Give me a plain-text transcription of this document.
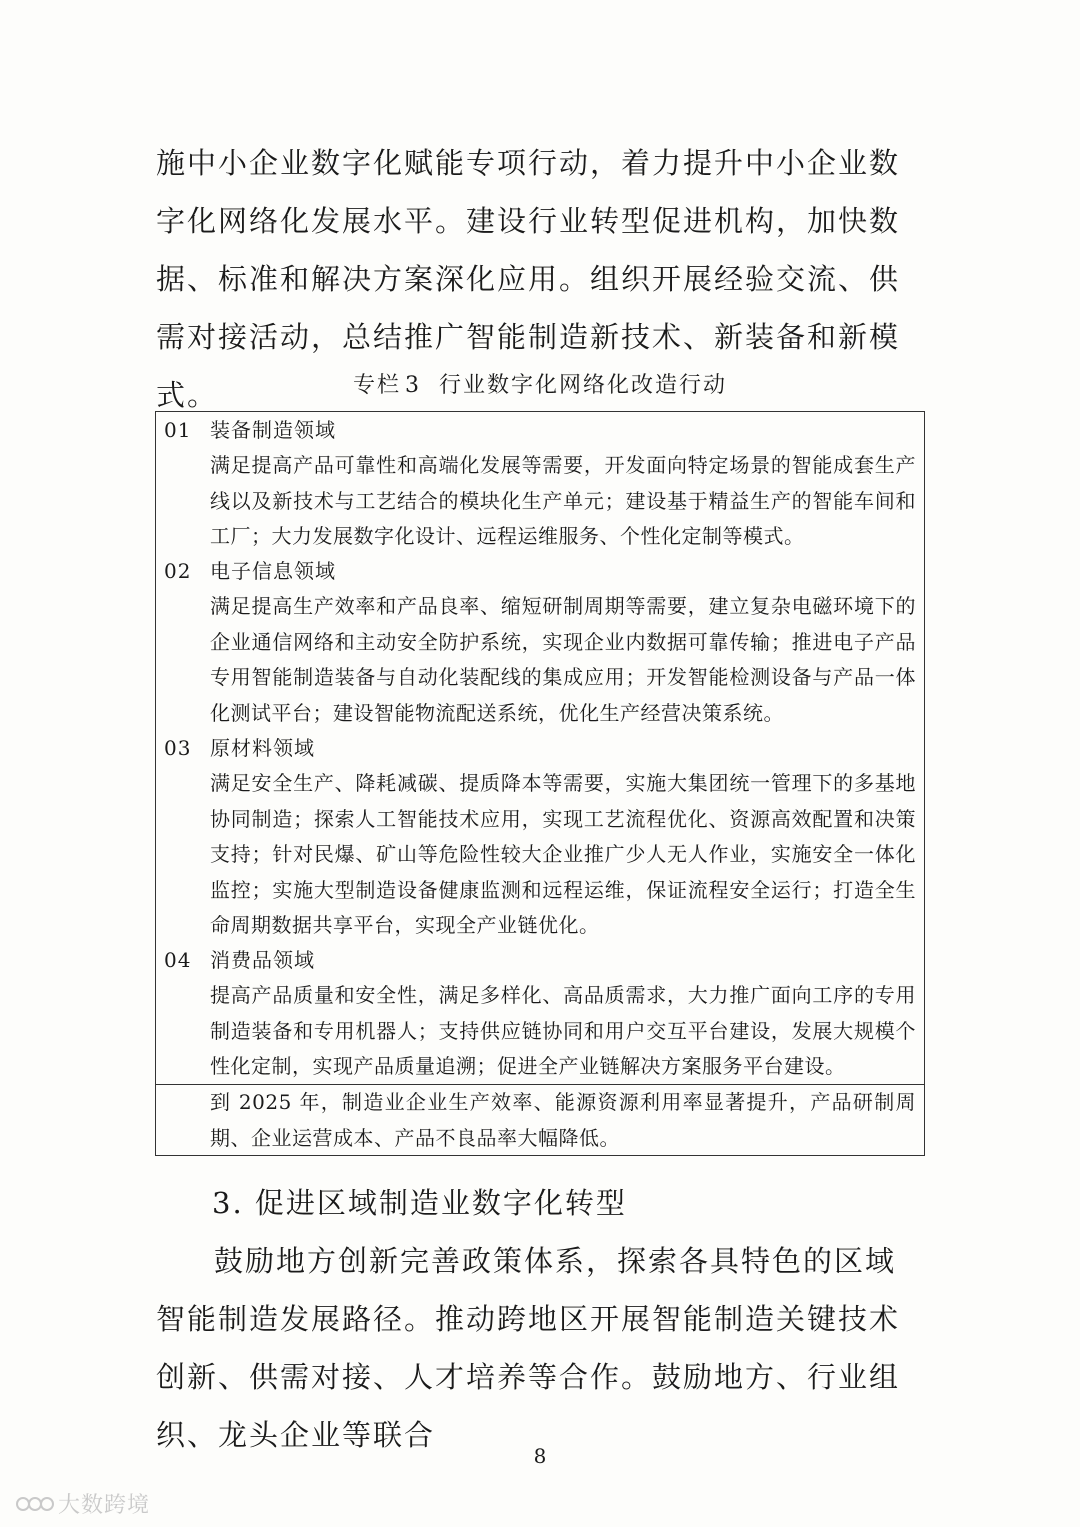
施中小企业数字化赋能专项行动，着力提升中小企业数字化网络化发展水平。建设行业转型促进机构，加快数据、标准和解决方案深化应用。组织开展经验交流、供需对接活动，总结推广智能制造新技术、新装备和新模式。	专栏 3 行业数字化网络化改造行动
01 装备制造领域

满足提高产品可靠性和高端化发展等需要，开发面向特定场景的智能成套生产线以及新技术与工艺结合的模块化生产单元；建设基于精益生产的智能车间和工厂；大力发展数字化设计、远程运维服务、个性化定制等模式。

02 电子信息领域

满足提高生产效率和产品良率、缩短研制周期等需要，建立复杂电磁环境下的企业通信网络和主动安全防护系统，实现企业内数据可靠传输；推进电子产品专用智能制造装备与自动化装配线的集成应用；开发智能检测设备与产品一体化测试平台；建设智能物流配送系统，优化生产经营决策系统。

03 原材料领域

满足安全生产、降耗减碳、提质降本等需要，实施大集团统一管理下的多基地协同制造；探索人工智能技术应用，实现工艺流程优化、资源高效配置和决策支持；针对民爆、矿山等危险性较大企业推广少人无人作业，实施安全一体化监控；实施大型制造设备健康监测和远程运维，保证流程安全运行；打造全生命周期数据共享平台，实现全产业链优化。

04 消费品领域

提高产品质量和安全性，满足多样化、高品质需求，大力推广面向工序的专用制造装备和专用机器人；支持供应链协同和用户交互平台建设，发展大规模个性化定制，实现产品质量追溯；促进全产业链解决方案服务平台建设。

到 2025 年，制造业企业生产效率、能源资源利用率显著提升，产品研制周期、企业运营成本、产品不良品率大幅降低。

3. 促进区域制造业数字化转型

鼓励地方创新完善政策体系，探索各具特色的区域智能制造发展路径。推动跨地区开展智能制造关键技术创新、供需对接、人才培养等合作。鼓励地方、行业组织、龙头企业等联合

8
大数跨境
